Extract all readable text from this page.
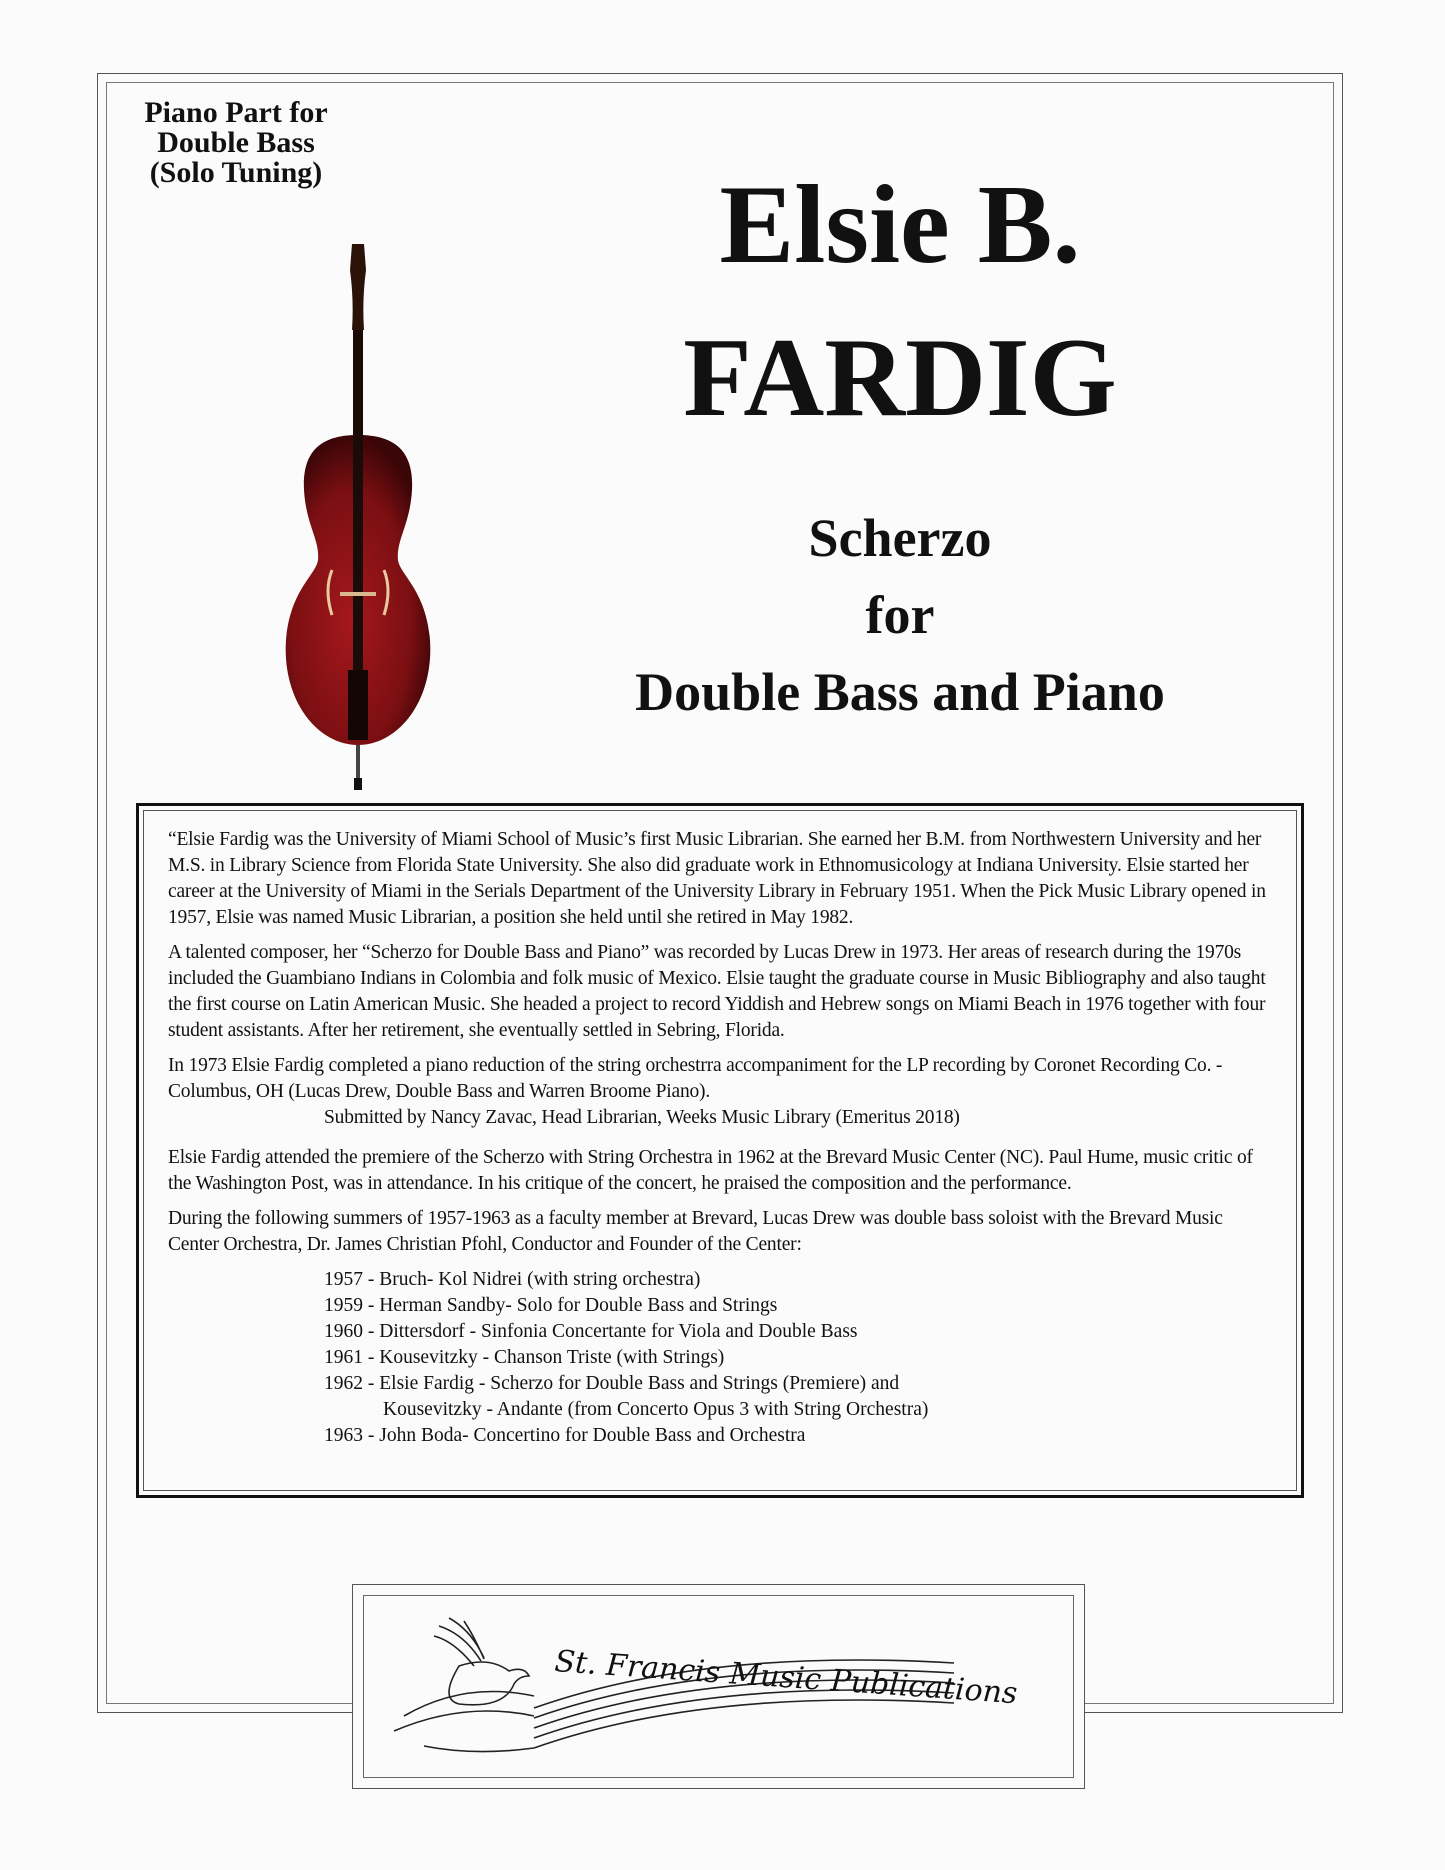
Piano Part for
Double Bass
(Solo Tuning)	Elsie B.
FARDIG
Scherzo
for
Double Bass and Piano

“Elsie Fardig was the University of Miami School of Music’s first Music Librarian. She earned her B.M. from Northwestern University and her M.S. in Library Science from Florida State University. She also did graduate work in Ethnomusicology at Indiana University. Elsie started her career at the University of Miami in the Serials Department of the University Library in February 1951. When the Pick Music Library opened in 1957, Elsie was named Music Librarian, a position she held until she retired in May 1982.

A talented composer, her “Scherzo for Double Bass and Piano” was recorded by Lucas Drew in 1973. Her areas of research during the 1970s included the Guambiano Indians in Colombia and folk music of Mexico. Elsie taught the graduate course in Music Bibliography and also taught the first course on Latin American Music. She headed a project to record Yiddish and Hebrew songs on Miami Beach in 1976 together with four student assistants. After her retirement, she eventually settled in Sebring, Florida.

In 1973 Elsie Fardig completed a piano reduction of the string orchestrra accompaniment for the LP recording by Coronet Recording Co. - Columbus, OH (Lucas Drew, Double Bass and Warren Broome Piano).

Submitted by Nancy Zavac, Head Librarian, Weeks Music Library (Emeritus 2018)

Elsie Fardig attended the premiere of the Scherzo with String Orchestra in 1962 at the Brevard Music Center (NC). Paul Hume, music critic of the Washington Post, was in attendance. In his critique of the concert, he praised the composition and the performance.

During the following summers of 1957-1963 as a faculty member at Brevard, Lucas Drew was double bass soloist with the Brevard Music Center Orchestra, Dr. James Christian Pfohl, Conductor and Founder of the Center:

1957 - Bruch- Kol Nidrei (with string orchestra)
1959 - Herman Sandby- Solo for Double Bass and Strings
1960 - Dittersdorf - Sinfonia Concertante for Viola and Double Bass
1961 - Kousevitzky - Chanson Triste (with Strings)
1962 - Elsie Fardig - Scherzo for Double Bass and Strings (Premiere) and
Kousevitzky - Andante (from Concerto Opus 3 with String Orchestra)
1963 - John Boda- Concertino for Double Bass and Orchestra
St. Francis Music Publications
